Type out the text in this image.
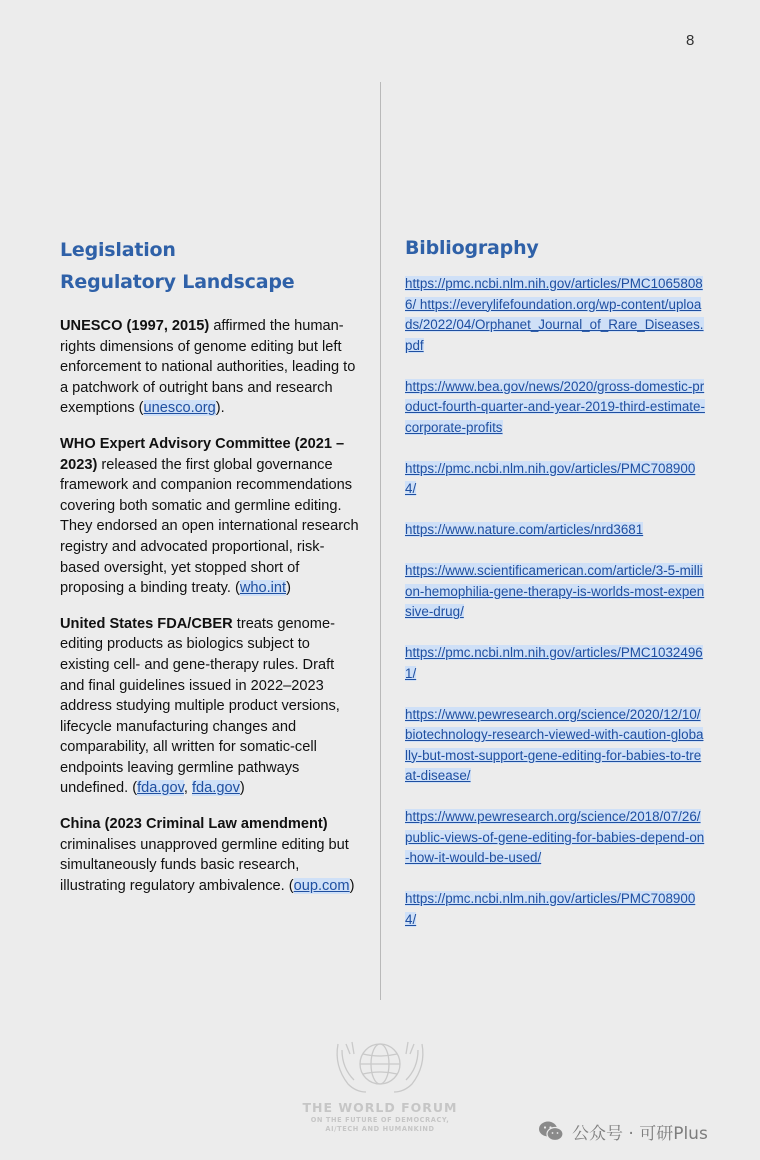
8
Legislation
Regulatory Landscape

UNESCO (1997, 2015) affirmed the human-rights dimensions of genome editing but left enforcement to national authorities, leading to a patchwork of outright bans and research exemptions (unesco.org).

WHO Expert Advisory Committee (2021 – 2023) released the first global governance framework and companion recommendations covering both somatic and germline editing. They endorsed an open international research registry and advocated proportional, risk-based oversight, yet stopped short of proposing a binding treaty. (who.int)

United States FDA/CBER treats genome-editing products as biologics subject to existing cell- and gene-therapy rules. Draft and final guidelines issued in 2022–2023 address studying multiple product versions, lifecycle manufacturing changes and comparability, all written for somatic-cell endpoints leaving germline pathways undefined. (fda.gov, fda.gov)

China (2023 Criminal Law amendment) criminalises unapproved germline editing but simultaneously funds basic research, illustrating regulatory ambivalence. (oup.com)

Bibliography
https://pmc.ncbi.nlm.nih.gov/articles/PMC10658086/ https://everylifefoundation.org/wp-content/uploads/2022/04/Orphanet_Journal_of_Rare_Diseases.pdf
https://www.bea.gov/news/2020/gross-domestic-product-fourth-quarter-and-year-2019-third-estimate-corporate-profits
https://pmc.ncbi.nlm.nih.gov/articles/PMC7089004/
https://www.nature.com/articles/nrd3681
https://www.scientificamerican.com/article/3-5-million-hemophilia-gene-therapy-is-worlds-most-expensive-drug/
https://pmc.ncbi.nlm.nih.gov/articles/PMC10324961/
https://www.pewresearch.org/science/2020/12/10/biotechnology-research-viewed-with-caution-globally-but-most-support-gene-editing-for-babies-to-treat-disease/
https://www.pewresearch.org/science/2018/07/26/public-views-of-gene-editing-for-babies-depend-on-how-it-would-be-used/
https://pmc.ncbi.nlm.nih.gov/articles/PMC7089004/
THE WORLD FORUM
ON THE FUTURE OF DEMOCRACY,
AI/TECH AND HUMANKIND	公众号 · 可研Plus
